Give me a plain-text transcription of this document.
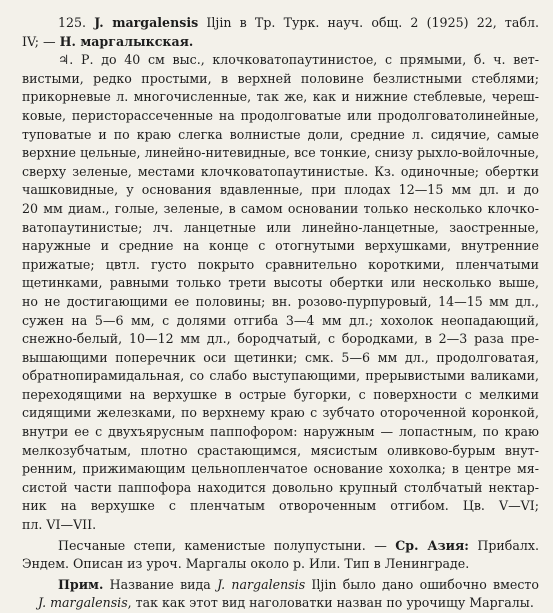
125. J. margalensis Iljin в Тр. Турк. науч. общ. 2 (1925) 22, табл.
IV; — Н. маргалыкская.
♃. Р. до 40 см выс., клочковатопаутинистое, с прямыми, б. ч. вет-
вистыми, редко простыми, в верхней половине безлистными стеблями;
прикорневые л. многочисленные, так же, как и нижние стеблевые, череш-
ковые, перистораcсеченные на продолговатые или продолговатолинейные,
туповатые и по краю слегка волнистые доли, средние л. сидячие, самые
верхние цельные, линейно-нитевидные, все тонкие, снизу рыхло-войлочные,
сверху зеленые, местами клочковатопаутинистые. Кз. одиночные; обертки
чашковидные, у основания вдавленные, при плодах 12—15 мм дл. и до
20 мм диам., голые, зеленые, в самом основании только несколько клочко-
ватопаутинистые; лч. ланцетные или линейно-ланцетные, заостренные,
наружные и средние на конце с отогнутыми верхушками, внутренние
прижатые; цвтл. густо покрыто сравнительно короткими, пленчатыми
щетинками, равными только трети высоты обертки или несколько выше,
но не достигающими ее половины; вн. розово-пурпуровый, 14—15 мм дл.,
сужен на 5—6 мм, с долями отгиба 3—4 мм дл.; хохолок неопадающий,
снежно-белый, 10—12 мм дл., бородчатый, с бородками, в 2—3 раза пре-
вышающими поперечник оси щетинки; смк. 5—6 мм дл., продолговатая,
обратнопирамидальная, со слабо выступающими, прерывистыми валиками,
переходящими на верхушке в острые бугорки, с поверхности с мелкими
сидящими железками, по верхнему краю с зубчато отороченной коронкой,
внутри ее с двухъярусным паппофором: наружным — лопастным, по краю
мелкозубчатым, плотно срастающимся, мясистым оливково-бурым внут-
ренним, прижимающим цельнопленчатое основание хохолка; в центре мя-
систой части паппофора находится довольно крупный столбчатый нектар-
ник на верхушке с пленчатым отвороченным отгибом. Цв. V—VI;
пл. VI—VII.
Песчаные степи, каменистые полупустыни. — Ср. Азия: Прибалх.
Эндем. Описан из уроч. Маргалы около р. Или. Тип в Ленинграде.
Прим. Название вида J. nargalensis Iljin было дано ошибочно вместо
J. margalensis, так как этот вид наголоватки назван по урочищу Маргалы.
